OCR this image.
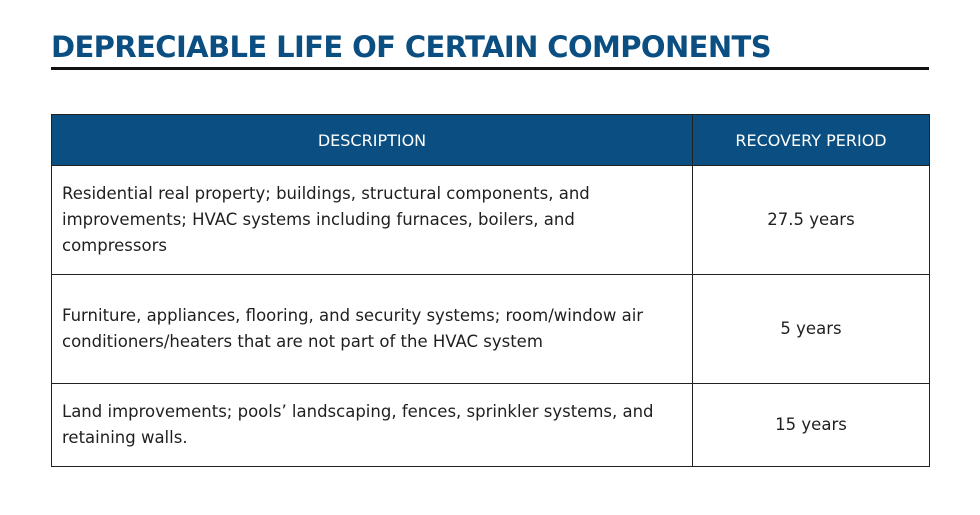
DEPRECIABLE LIFE OF CERTAIN COMPONENTS
DESCRIPTION	RECOVERY PERIOD
Residential real property; buildings, structural components, and improvements; HVAC systems including furnaces, boilers, and compressors	27.5 years
Furniture, appliances, flooring, and security systems; room/window air conditioners/heaters that are not part of the HVAC system	5 years
Land improvements; pools’ landscaping, fences, sprinkler systems, and retaining walls.	15 years
